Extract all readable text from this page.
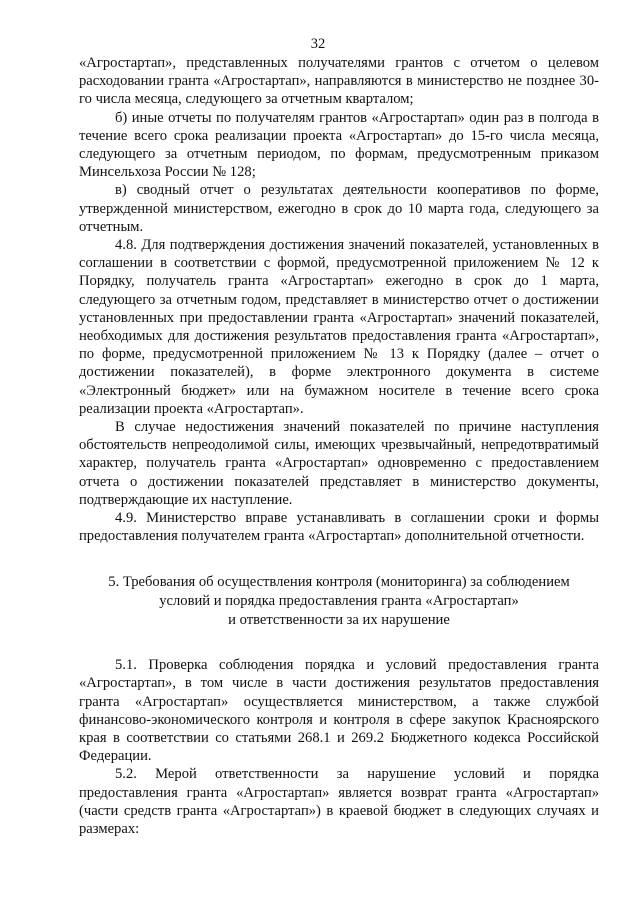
32

«Агростартап», представленных получателями грантов с отчетом о целевом расходовании гранта «Агростартап», направляются в министерство не позднее 30-го числа месяца, следующего за отчетным кварталом;

б) иные отчеты по получателям грантов «Агростартап» один раз в полгода в течение всего срока реализации проекта «Агростартап» до 15-го числа месяца, следующего за отчетным периодом, по формам, предусмотренным приказом Минсельхоза России № 128;

в) сводный отчет о результатах деятельности кооперативов по форме, утвержденной министерством, ежегодно в срок до 10 марта года, следующего за отчетным.

4.8. Для подтверждения достижения значений показателей, установленных в соглашении в соответствии с формой, предусмотренной приложением № 12 к Порядку, получатель гранта «Агростартап» ежегодно в срок до 1 марта, следующего за отчетным годом, представляет в министерство отчет о достижении установленных при предоставлении гранта «Агростартап» значений показателей, необходимых для достижения результатов предоставления гранта «Агростартап», по форме, предусмотренной приложением № 13 к Порядку (далее – отчет о достижении показателей), в форме электронного документа в системе «Электронный бюджет» или на бумажном носителе в течение всего срока реализации проекта «Агростартап».

В случае недостижения значений показателей по причине наступления обстоятельств непреодолимой силы, имеющих чрезвычайный, непредотвратимый характер, получатель гранта «Агростартап» одновременно с предоставлением отчета о достижении показателей представляет в министерство документы, подтверждающие их наступление.

4.9. Министерство вправе устанавливать в соглашении сроки и формы предоставления получателем гранта «Агростартап» дополнительной отчетности.

5. Требования об осуществления контроля (мониторинга) за соблюдением
условий и порядка предоставления гранта «Агростартап»
и ответственности за их нарушение

5.1. Проверка соблюдения порядка и условий предоставления гранта «Агростартап», в том числе в части достижения результатов предоставления гранта «Агростартап» осуществляется министерством, а также службой финансово-экономического контроля и контроля в сфере закупок Красноярского края в соответствии со статьями 268.1 и 269.2 Бюджетного кодекса Российской Федерации.

5.2. Мерой ответственности за нарушение условий и порядка предоставления гранта «Агростартап» является возврат гранта «Агростартап» (части средств гранта «Агростартап») в краевой бюджет в следующих случаях и размерах:
